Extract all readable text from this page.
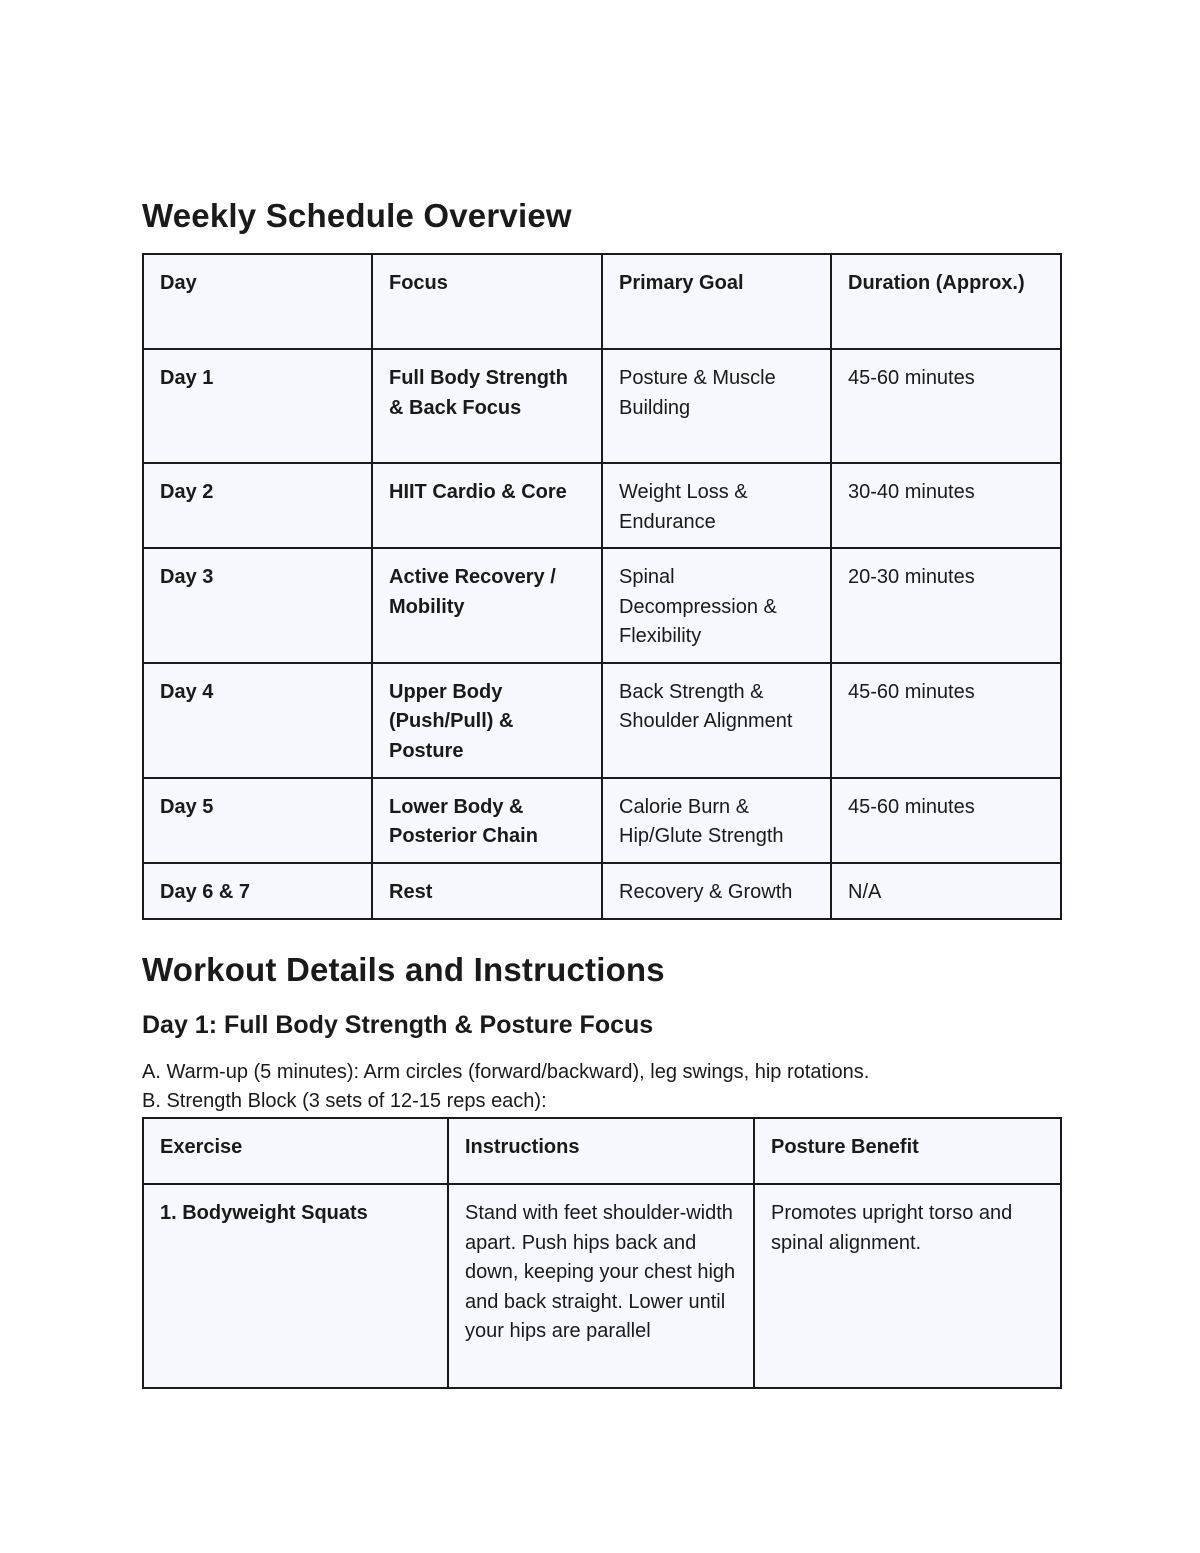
Weekly Schedule Overview
Day	Focus	Primary Goal	Duration (Approx.)
Day 1	Full Body Strength & Back Focus	Posture & Muscle Building	45-60 minutes
Day 2	HIIT Cardio & Core	Weight Loss & Endurance	30-40 minutes
Day 3	Active Recovery / Mobility	Spinal Decompression & Flexibility	20-30 minutes
Day 4	Upper Body (Push/Pull) & Posture	Back Strength & Shoulder Alignment	45-60 minutes
Day 5	Lower Body & Posterior Chain	Calorie Burn & Hip/Glute Strength	45-60 minutes
Day 6 & 7	Rest	Recovery & Growth	N/A
Workout Details and Instructions
Day 1: Full Body Strength & Posture Focus

A. Warm-up (5 minutes): Arm circles (forward/backward), leg swings, hip rotations.

B. Strength Block (3 sets of 12-15 reps each):

Exercise	Instructions	Posture Benefit
1. Bodyweight Squats	Stand with feet shoulder-width apart. Push hips back and down, keeping your chest high and back straight. Lower until your hips are parallel	Promotes upright torso and spinal alignment.
